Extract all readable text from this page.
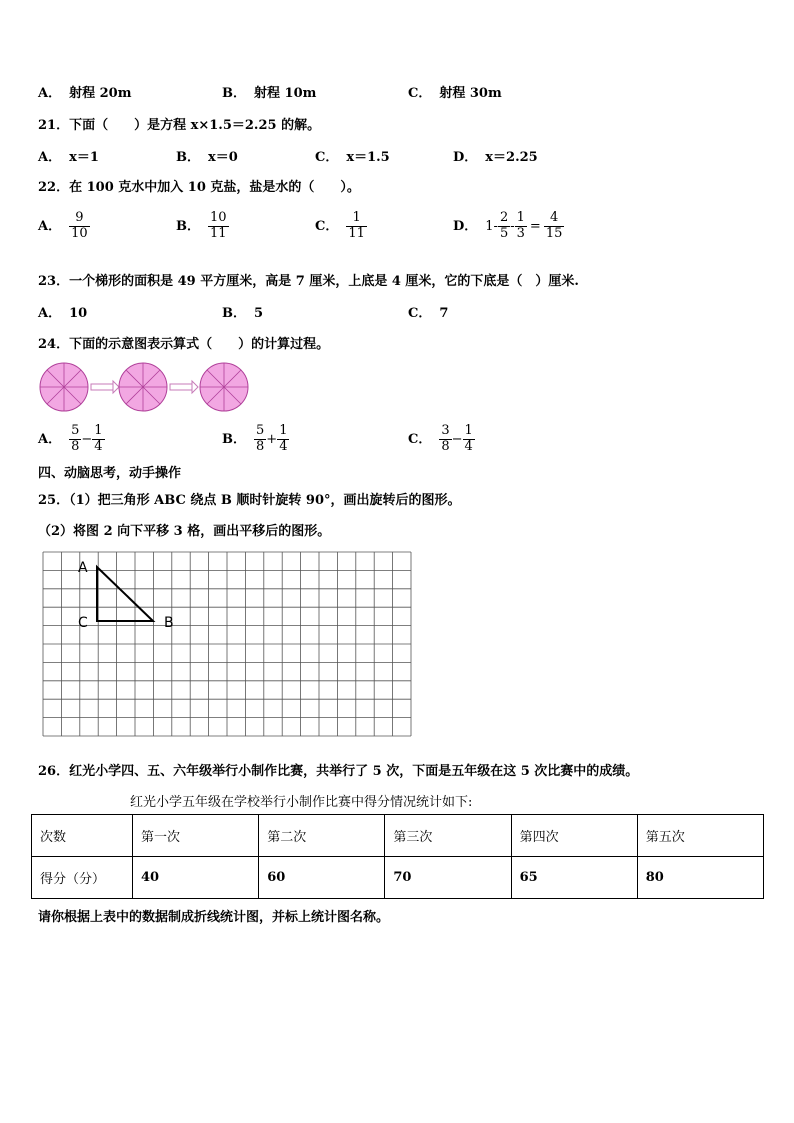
A． 射程 20m	B． 射程 10m	C． 射程 30m
21．下面（　　）是方程 x×1.5＝2.25 的解。
A． x＝1	B． x＝0	C． x＝1.5	D． x＝2.25
22．在 100 克水中加入 10 克盐，盐是水的（　　）。
A． $\frac{9}{10}$	B． $\frac{10}{11}$	C． $\frac{1}{11}$	D． $1- \frac{2}{5} - \frac{1}{3} = \frac{4}{15}$
23．一个梯形的面积是 49 平方厘米，高是 7 厘米，上底是 4 厘米，它的下底是（　）厘米.
A． 10	B． 5	C． 7
24．下面的示意图表示算式（　　）的计算过程。
A． $\frac{5}{8} - \frac{1}{4}$	B． $\frac{5}{8} + \frac{1}{4}$	C． $\frac{3}{8} - \frac{1}{4}$
四、动脑思考，动手操作
25．（1）把三角形 ABC 绕点 B 顺时针旋转 90°，画出旋转后的图形。
（2）将图 2 向下平移 3 格，画出平移后的图形。
A
C	B
26．红光小学四、五、六年级举行小制作比赛，共举行了 5 次，下面是五年级在这 5 次比赛中的成绩。
红光小学五年级在学校举行小制作比赛中得分情况统计如下:
次数	第一次	第二次	第三次	第四次	第五次
得分（分）	40	60	70	65	80
请你根据上表中的数据制成折线统计图，并标上统计图名称。
